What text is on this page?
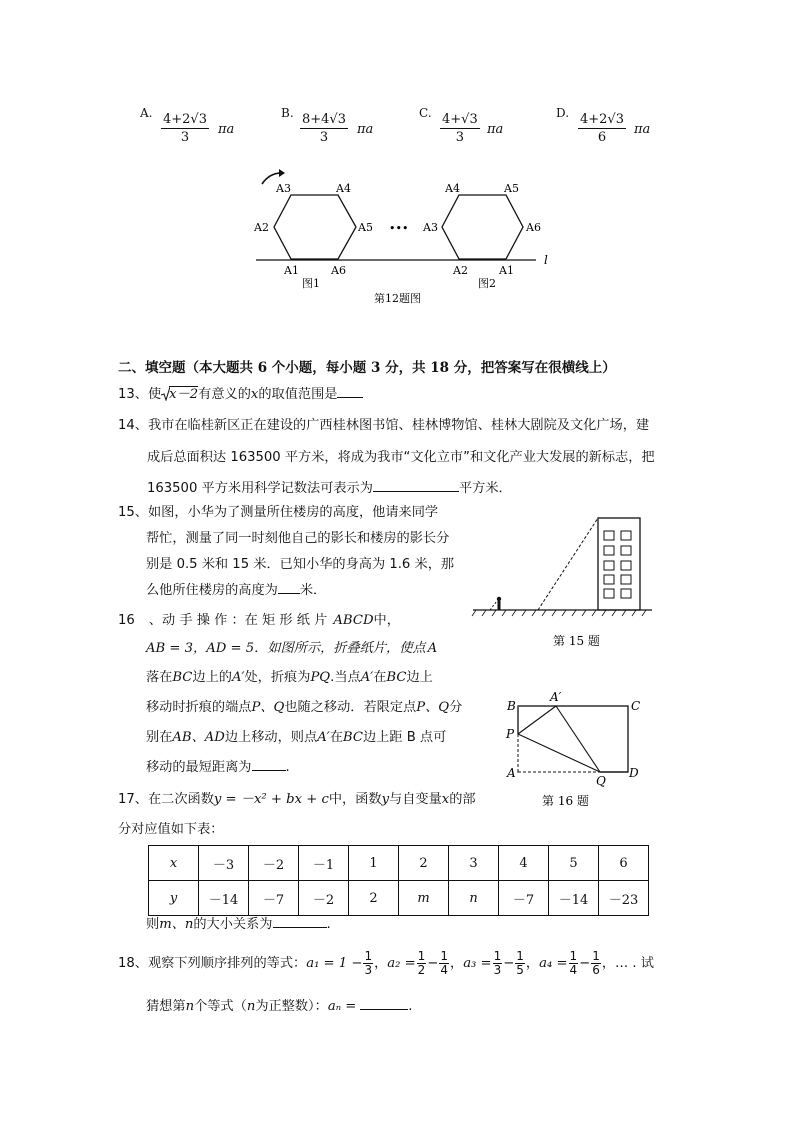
A. $\frac{4+2√3}{3}$ πa
B. $\frac{8+4√3}{3}$ πa
C. $\frac{4+√3}{3}$ πa
D. $\frac{4+2√3}{6}$ πa
A3	A4
A2	A5
A1	A6
•••
A4	A5
A3	A6
A2	A1
l
图1	图2
第12题图
二、填空题（本大题共 6 个小题，每小题 3 分，共 18 分，把答案写在很横线上）
13、使 x－2有意义的x的取值范围是
14、我市在临桂新区正在建设的广西桂林图书馆、桂林博物馆、桂林大剧院及文化广场，建
成后总面积达 163500 平方米，将成为我市“文化立市”和文化产业大发展的新标志，把
163500 平方米用科学记数法可表示为	平方米．
15、如图，小华为了测量所住楼房的高度，他请来同学
帮忙，测量了同一时刻他自己的影长和楼房的影长分
别是 0.5 米和 15 米．已知小华的身高为 1.6 米，那
么他所住楼房的高度为 米．
第 15 题
16 、动 手 操 作 ：在 矩 形 纸 片 ABCD中，
AB = 3，AD = 5．如图所示，折叠纸片，使点 A
落在BC边上的A′处，折痕为PQ.当点A′在BC边上
移动时折痕的端点P、Q也随之移动．若限定点P、Q分
别在AB、AD边上移动，则点A′在BC边上距 B 点可
移动的最短距离为	.
A′
B	C
P
A
Q
D
第 16 题
17、在二次函数y = －x² + bx + c中，函数y与自变量x的部
分对应值如下表：
x	－3	－2	－1	1	2	3	4	5	6
y	－14	－7	－2	2	m	n	－7	－14	－23
则m、n的大小关系为	.
18、观察下列顺序排列的等式：$a_1 = 1 - \frac{1}{3}$ ，$a_2 = \frac{1}{2} - \frac{1}{4}$ ，$a_3 = \frac{1}{3} - \frac{1}{5}$ ，$a_4 = \frac{1}{4} - \frac{1}{6}$ ，… . 试
猜想第n个等式（n为正整数）：aₙ =	.
